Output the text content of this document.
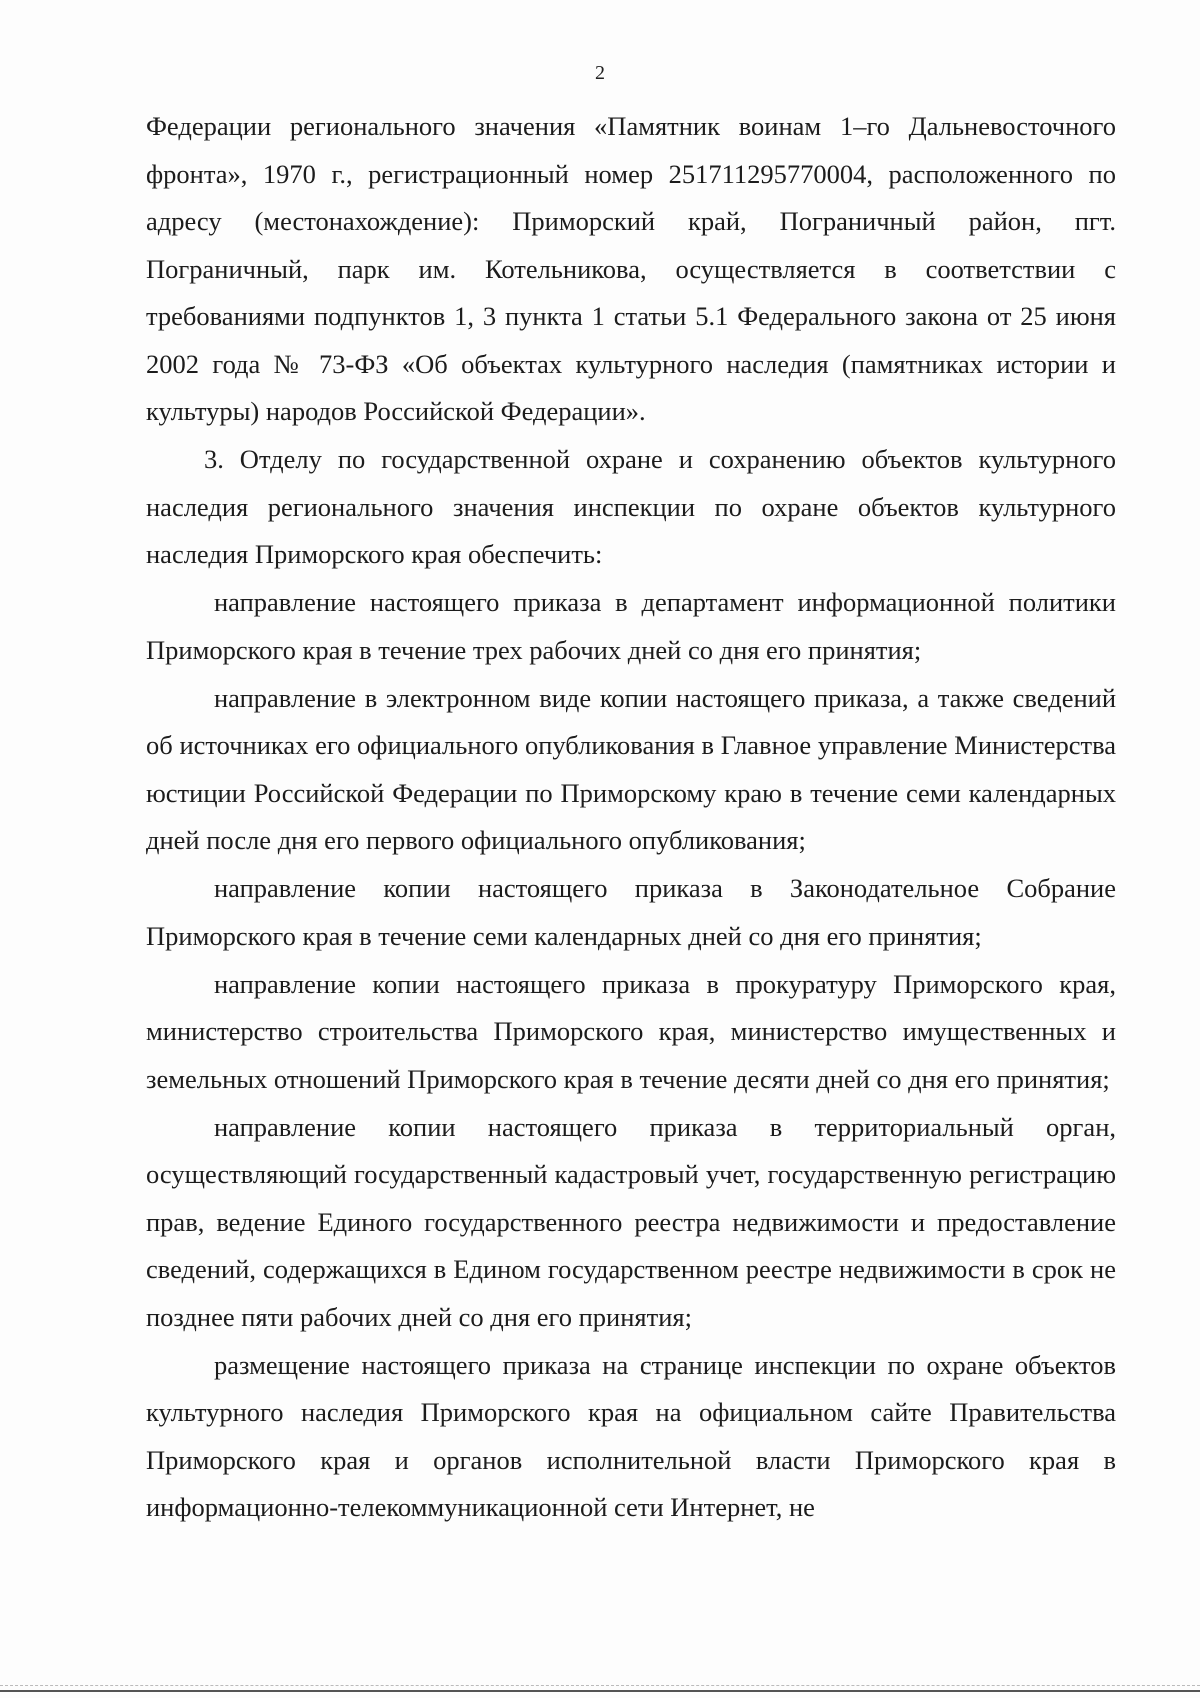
2

Федерации регионального значения «Памятник воинам 1–го Дальневосточного фронта», 1970 г., регистрационный номер 251711295770004, расположенного по адресу (местонахождение): Приморский край, Пограничный район, пгт. Пограничный, парк им. Котельникова, осуществляется в соответствии с требованиями подпунктов 1, 3 пункта 1 статьи 5.1 Федерального закона от 25 июня 2002 года № 73-ФЗ «Об объектах культурного наследия (памятниках истории и культуры) народов Российской Федерации».

3. Отделу по государственной охране и сохранению объектов культурного наследия регионального значения инспекции по охране объектов культурного наследия Приморского края обеспечить:

направление настоящего приказа в департамент информационной политики Приморского края в течение трех рабочих дней со дня его принятия;

направление в электронном виде копии настоящего приказа, а также сведений об источниках его официального опубликования в Главное управление Министерства юстиции Российской Федерации по Приморскому краю в течение семи календарных дней после дня его первого официального опубликования;

направление копии настоящего приказа в Законодательное Собрание Приморского края в течение семи календарных дней со дня его принятия;

направление копии настоящего приказа в прокуратуру Приморского края, министерство строительства Приморского края, министерство имущественных и земельных отношений Приморского края в течение десяти дней со дня его принятия;

направление копии настоящего приказа в территориальный орган, осуществляющий государственный кадастровый учет, государственную регистрацию прав, ведение Единого государственного реестра недвижимости и предоставление сведений, содержащихся в Едином государственном реестре недвижимости в срок не позднее пяти рабочих дней со дня его принятия;

размещение настоящего приказа на странице инспекции по охране объектов культурного наследия Приморского края на официальном сайте Правительства Приморского края и органов исполнительной власти Приморского края в информационно-телекоммуникационной сети Интернет, не
